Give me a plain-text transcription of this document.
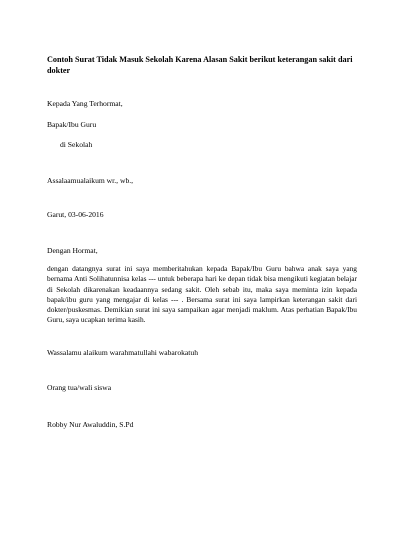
Contoh Surat Tidak Masuk Sekolah Karena Alasan Sakit berikut keterangan sakit dari dokter
Kepada Yang Terhormat,
Bapak/Ibu Guru
di Sekolah
Assalaamualaikum wr., wb.,
Garut, 03-06-2016
Dengan Hormat,

dengan datangnya surat ini saya memberitahukan kepada Bapak/Ibu Guru bahwa anak saya yang bernama Anti Solihatunnisa kelas --- untuk beberapa hari ke depan tidak bisa mengikuti kegiatan belajar di Sekolah dikarenakan keadaannya sedang sakit. Oleh sebab itu, maka saya meminta izin kepada bapak/ibu guru yang mengajar di kelas --- . Bersama surat ini saya lampirkan keterangan sakit dari dokter/puskesmas. Demikian surat ini saya sampaikan agar menjadi maklum. Atas perhatian Bapak/Ibu Guru, saya ucapkan terima kasih.

Wassalamu alaikum warahmatullahi wabarokatuh
Orang tua/wali siswa
Robby Nur Awaluddin, S.Pd
